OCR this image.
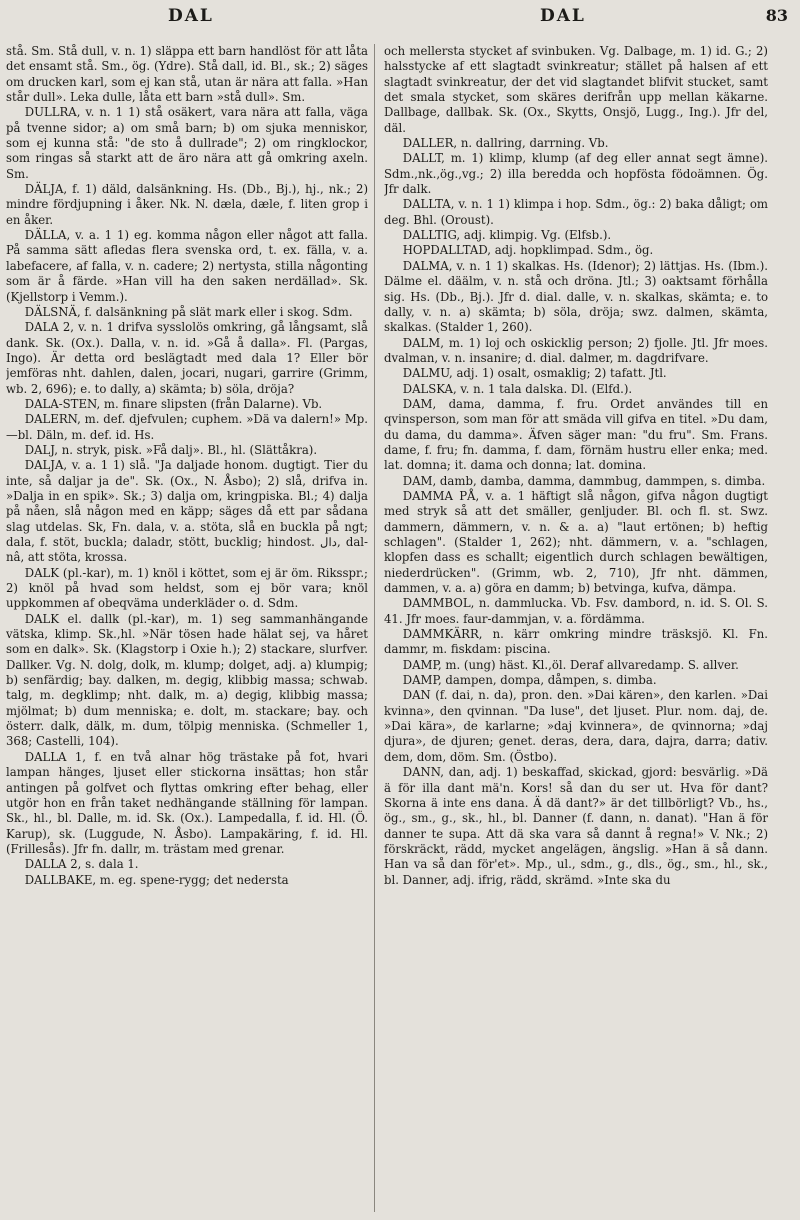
DAL	DAL	83

stå. Sm. Stå dull, v. n. 1) släppa ett barn handlöst för att låta det ensamt stå. Sm., ög. (Ydre). Stå dall, id. Bl., sk.; 2) säges om drucken karl, som ej kan stå, utan är nära att falla. »Han står dull». Leka dulle, låta ett barn »stå dull». Sm.

DULLRA, v. n. 1 1) stå osäkert, vara nära att falla, väga på tvenne sidor; a) om små barn; b) om sjuka menniskor, som ej kunna stå: "de sto å dullrade"; 2) om ringklockor, som ringas så starkt att de äro nära att gå omkring axeln. Sm.

DÄLJA, f. 1) däld, dalsänkning. Hs. (Db., Bj.), hj., nk.; 2) mindre fördjupning i åker. Nk. N. dæla, dæle, f. liten grop i en åker.

DÄLLA, v. a. 1 1) eg. komma någon eller något att falla. På samma sätt afledas flera svenska ord, t. ex. fälla, v. a. labefacere, af falla, v. n. cadere; 2) nertysta, stilla någonting som är å färde. »Han vill ha den saken nerdällad». Sk. (Kjellstorp i Vemm.).

DÄLSNÄ, f. dalsänkning på slät mark eller i skog. Sdm.

DALA 2, v. n. 1 drifva sysslolös omkring, gå långsamt, slå dank. Sk. (Ox.). Dalla, v. n. id. »Gå å dalla». Fl. (Pargas, Ingo). Är detta ord beslägtadt med dala 1? Eller bör jemföras nht. dahlen, dalen, jocari, nugari, garrire (Grimm, wb. 2, 696); e. to dally, a) skämta; b) söla, dröja?

DALA-STEN, m. finare slipsten (från Dalarne). Vb.

DALERN, m. def. djefvulen; cuphem. »Dä va dalern!» Mp.—bl. Däln, m. def. id. Hs.

DALJ, n. stryk, pisk. »Få dalj». Bl., hl. (Slättåkra).

DALJA, v. a. 1 1) slå. "Ja daljade honom. dugtigt. Tier du inte, så daljar ja de". Sk. (Ox., N. Åsbo); 2) slå, drifva in. »Dalja in en spik». Sk.; 3) dalja om, kringpiska. Bl.; 4) dalja på nåen, slå någon med en käpp; säges då ett par sådana slag utdelas. Sk, Fn. dala, v. a. stöta, slå en buckla på ngt; dala, f. stöt, buckla; daladr, stött, bucklig; hindost. دال, dal-nâ, att stöta, krossa.

DALK (pl.-kar), m. 1) knöl i köttet, som ej är öm. Riksspr.; 2) knöl på hvad som heldst, som ej bör vara; knöl uppkommen af obeqväma underkläder o. d. Sdm.

DALK el. dallk (pl.-kar), m. 1) seg sammanhängande vätska, klimp. Sk.,hl. »När tösen hade hälat sej, va håret som en dalk». Sk. (Klagstorp i Oxie h.); 2) stackare, slurfver. Dallker. Vg. N. dolg, dolk, m. klump; dolget, adj. a) klumpig; b) senfärdig; bay. dalken, m. degig, klibbig massa; schwab. talg, m. degklimp; nht. dalk, m. a) degig, klibbig massa; mjölmat; b) dum menniska; e. dolt, m. stackare; bay. och österr. dalk, dälk, m. dum, tölpig menniska. (Schmeller 1, 368; Castelli, 104).

DALLA 1, f. en två alnar hög trästake på fot, hvari lampan hänges, ljuset eller stickorna insättas; hon står antingen på golfvet och flyttas omkring efter behag, eller utgör hon en från taket nedhängande ställning för lampan. Sk., hl., bl. Dalle, m. id. Sk. (Ox.). Lampedalla, f. id. Hl. (Ö. Karup), sk. (Luggude, N. Åsbo). Lampakäring, f. id. Hl. (Frillesås). Jfr fn. dallr, m. trästam med grenar.

DALLA 2, s. dala 1.

DALLBAKE, m. eg. spene-rygg; det nedersta

och mellersta stycket af svinbuken. Vg. Dalbage, m. 1) id. G.; 2) halsstycke af ett slagtadt svinkreatur; stället på halsen af ett slagtadt svinkreatur, der det vid slagtandet blifvit stucket, samt det smala stycket, som skäres derifrån upp mellan käkarne. Dallbage, dallbak. Sk. (Ox., Skytts, Onsjö, Lugg., Ing.). Jfr del, däl.

DALLER, n. dallring, darrning. Vb.

DALLT, m. 1) klimp, klump (af deg eller annat segt ämne). Sdm.,nk.,ög.,vg.; 2) illa beredda och hopföstа födoämnen. Ög. Jfr dalk.

DALLTA, v. n. 1 1) klimpa i hop. Sdm., ög.: 2) baka dåligt; om deg. Bhl. (Oroust).

DALLTIG, adj. klimpig. Vg. (Elfsb.).

HOPDALLTAD, adj. hopklimpad. Sdm., ög.

DALMA, v. n. 1 1) skalkas. Hs. (Idenor); 2) lättjas. Hs. (Ibm.). Dälme el. däälm, v. n. stå och dröna. Jtl.; 3) oaktsamt förhålla sig. Hs. (Db., Bj.). Jfr d. dial. dalle, v. n. skalkas, skämta; e. to dally, v. n. a) skämta; b) söla, dröja; swz. dalmen, skämta, skalkas. (Stalder 1, 260).

DALM, m. 1) loj och oskicklig person; 2) fjolle. Jtl. Jfr moes. dvalman, v. n. insanire; d. dial. dalmer, m. dagdrifvare.

DALMU, adj. 1) osalt, osmaklig; 2) tafatt. Jtl.

DALSKA, v. n. 1 tala dalska. Dl. (Elfd.).

DAM, dama, damma, f. fru. Ordet användes till en qvinsperson, som man för att smäda vill gifva en titel. »Du dam, du dama, du damma». Äfven säger man: "du fru". Sm. Frans. dame, f. fru; fn. damma, f. dam, förnäm hustru eller enka; med. lat. domna; it. dama och donna; lat. domina.

DAM, damb, damba, damma, dammbug, dammpen, s. dimba.

DAMMA PÅ, v. a. 1 häftigt slå någon, gifva någon dugtigt med stryk så att det smäller, genljuder. Bl. och fl. st. Swz. dammern, dämmern, v. n. & a. a) "laut ertönen; b) heftig schlagen". (Stalder 1, 262); nht. dämmern, v. a. "schlagen, klopfen dass es schallt; eigentlich durch schlagen bewältigen, niederdrücken". (Grimm, wb. 2, 710), Jfr nht. dämmen, dammen, v. a. a) göra en damm; b) betvinga, kufva, dämpa.

DAMMBOL, n. dammlucka. Vb. Fsv. dambord, n. id. S. Ol. S. 41. Jfr moes. faur-dammjan, v. a. fördämma.

DAMMKÄRR, n. kärr omkring mindre träsksjö. Kl. Fn. dammr, m. fiskdam: piscina.

DAMP, m. (ung) häst. Kl.,öl. Deraf allvaredamp. S. allver.

DAMP, dampen, dompa, dåmpen, s. dimba.

DAN (f. dai, n. da), pron. den. »Dai kären», den karlen. »Dai kvinna», den qvinnan. "Da luse", det ljuset. Plur. nom. daj, de. »Dai kära», de karlarne; »daj kvinnera», de qvinnorna; »daj djura», de djuren; genet. deras, dera, dara, dajra, darra; dativ. dem, dom, döm. Sm. (Östbo).

DANN, dan, adj. 1) beskaffad, skickad, gjord: besvärlig. »Dä ä för illa dant mä'n. Kors! så dan du ser ut. Hva för dant? Skorna ä inte ens dana. Ä dä dant?» är det tillbörligt? Vb., hs., ög., sm., g., sk., hl., bl. Danner (f. dann, n. danat). "Han ä för danner te supa. Att dä ska vara så dannt å regna!» V. Nk.; 2) förskräckt, rädd, mycket angelägen, ängslig. »Han ä så dann. Han va så dan för'et». Mp., ul., sdm., g., dls., ög., sm., hl., sk., bl. Danner, adj. ifrig, rädd, skrämd. »Inte ska du
